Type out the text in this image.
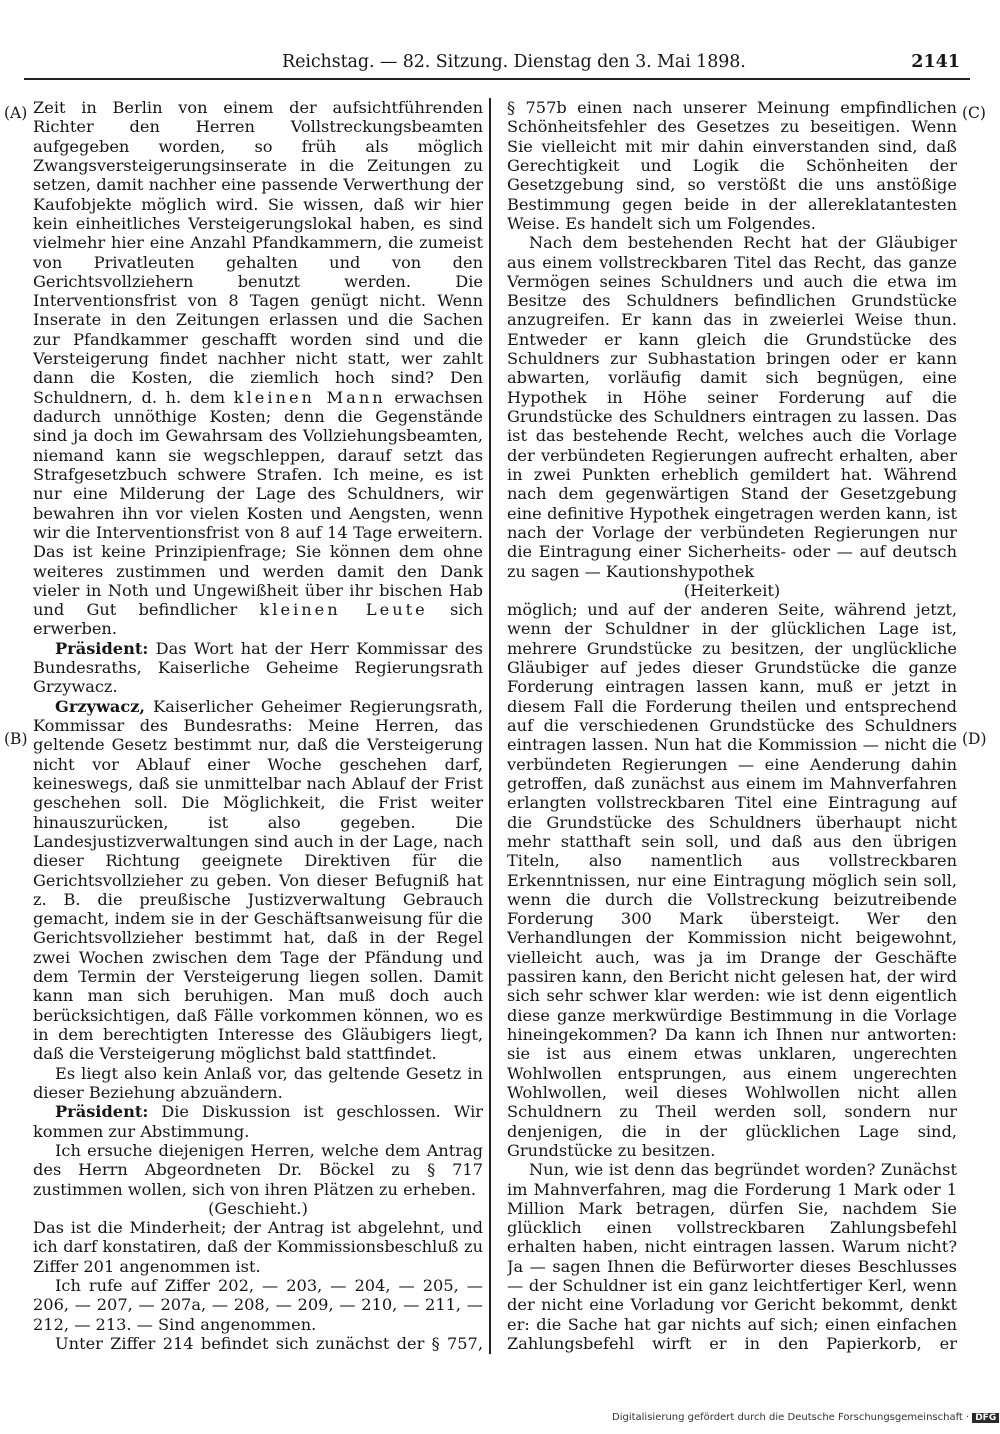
Reichstag. — 82. Sitzung. Dienstag den 3. Mai 1898.	2141
(A)
(B)
(C)
(D)

Zeit in Berlin von einem der aufsichtführenden Richter den Herren Vollstreckungsbeamten aufgegeben worden, so früh als möglich Zwangsversteigerungsinserate in die Zeitungen zu setzen, damit nachher eine passende Verwerthung der Kaufobjekte möglich wird. Sie wissen, daß wir hier kein einheitliches Versteigerungslokal haben, es sind vielmehr hier eine Anzahl Pfandkammern, die zumeist von Privatleuten gehalten und von den Gerichtsvollziehern benutzt werden. Die Interventionsfrist von 8 Tagen genügt nicht. Wenn Inserate in den Zeitungen erlassen und die Sachen zur Pfandkammer geschafft worden sind und die Versteigerung findet nachher nicht statt, wer zahlt dann die Kosten, die ziemlich hoch sind? Den Schuldnern, d. h. dem kleinen Mann erwachsen dadurch unnöthige Kosten; denn die Gegenstände sind ja doch im Gewahrsam des Vollziehungsbeamten, niemand kann sie wegschleppen, darauf setzt das Strafgesetzbuch schwere Strafen. Ich meine, es ist nur eine Milderung der Lage des Schuldners, wir bewahren ihn vor vielen Kosten und Aengsten, wenn wir die Interventionsfrist von 8 auf 14 Tage erweitern. Das ist keine Prinzipienfrage; Sie können dem ohne weiteres zustimmen und werden damit den Dank vieler in Noth und Ungewißheit über ihr bischen Hab und Gut befindlicher kleinen Leute sich erwerben.

Präsident: Das Wort hat der Herr Kommissar des Bundesraths, Kaiserliche Geheime Regierungsrath Grzywacz.

Grzywacz, Kaiserlicher Geheimer Regierungsrath, Kommissar des Bundesraths: Meine Herren, das geltende Gesetz bestimmt nur, daß die Versteigerung nicht vor Ablauf einer Woche geschehen darf, keineswegs, daß sie unmittelbar nach Ablauf der Frist geschehen soll. Die Möglichkeit, die Frist weiter hinauszurücken, ist also gegeben. Die Landesjustizverwaltungen sind auch in der Lage, nach dieser Richtung geeignete Direktiven für die Gerichtsvollzieher zu geben. Von dieser Befugniß hat z. B. die preußische Justizverwaltung Gebrauch gemacht, indem sie in der Geschäftsanweisung für die Gerichtsvollzieher bestimmt hat, daß in der Regel zwei Wochen zwischen dem Tage der Pfändung und dem Termin der Versteigerung liegen sollen. Damit kann man sich beruhigen. Man muß doch auch berücksichtigen, daß Fälle vorkommen können, wo es in dem berechtigten Interesse des Gläubigers liegt, daß die Versteigerung möglichst bald stattfindet.

Es liegt also kein Anlaß vor, das geltende Gesetz in dieser Beziehung abzuändern.

Präsident: Die Diskussion ist geschlossen. Wir kommen zur Abstimmung.

Ich ersuche diejenigen Herren, welche dem Antrag des Herrn Abgeordneten Dr. Böckel zu § 717 zustimmen wollen, sich von ihren Plätzen zu erheben.

(Geschieht.)

Das ist die Minderheit; der Antrag ist abgelehnt, und ich darf konstatiren, daß der Kommissionsbeschluß zu Ziffer 201 angenommen ist.

Ich rufe auf Ziffer 202, — 203, — 204, — 205, — 206, — 207, — 207a, — 208, — 209, — 210, — 211, — 212, — 213. — Sind angenommen.

Unter Ziffer 214 befindet sich zunächst der § 757,

§ 757b einen nach unserer Meinung empfindlichen Schönheitsfehler des Gesetzes zu beseitigen. Wenn Sie vielleicht mit mir dahin einverstanden sind, daß Gerechtigkeit und Logik die Schönheiten der Gesetzgebung sind, so verstößt die uns anstößige Bestimmung gegen beide in der allereklatantesten Weise. Es handelt sich um Folgendes.

Nach dem bestehenden Recht hat der Gläubiger aus einem vollstreckbaren Titel das Recht, das ganze Vermögen seines Schuldners und auch die etwa im Besitze des Schuldners befindlichen Grundstücke anzugreifen. Er kann das in zweierlei Weise thun. Entweder er kann gleich die Grundstücke des Schuldners zur Subhastation bringen oder er kann abwarten, vorläufig damit sich begnügen, eine Hypothek in Höhe seiner Forderung auf die Grundstücke des Schuldners eintragen zu lassen. Das ist das bestehende Recht, welches auch die Vorlage der verbündeten Regierungen aufrecht erhalten, aber in zwei Punkten erheblich gemildert hat. Während nach dem gegenwärtigen Stand der Gesetzgebung eine definitive Hypothek eingetragen werden kann, ist nach der Vorlage der verbündeten Regierungen nur die Eintragung einer Sicherheits- oder — auf deutsch zu sagen — Kautionshypothek

(Heiterkeit)

möglich; und auf der anderen Seite, während jetzt, wenn der Schuldner in der glücklichen Lage ist, mehrere Grundstücke zu besitzen, der unglückliche Gläubiger auf jedes dieser Grundstücke die ganze Forderung eintragen lassen kann, muß er jetzt in diesem Fall die Forderung theilen und entsprechend auf die verschiedenen Grundstücke des Schuldners eintragen lassen. Nun hat die Kommission — nicht die verbündeten Regierungen — eine Aenderung dahin getroffen, daß zunächst aus einem im Mahnverfahren erlangten vollstreckbaren Titel eine Eintragung auf die Grundstücke des Schuldners überhaupt nicht mehr statthaft sein soll, und daß aus den übrigen Titeln, also namentlich aus vollstreckbaren Erkenntnissen, nur eine Eintragung möglich sein soll, wenn die durch die Vollstreckung beizutreibende Forderung 300 Mark übersteigt. Wer den Verhandlungen der Kommission nicht beigewohnt, vielleicht auch, was ja im Drange der Geschäfte passiren kann, den Bericht nicht gelesen hat, der wird sich sehr schwer klar werden: wie ist denn eigentlich diese ganze merkwürdige Bestimmung in die Vorlage hineingekommen? Da kann ich Ihnen nur antworten: sie ist aus einem etwas unklaren, ungerechten Wohlwollen entsprungen, aus einem ungerechten Wohlwollen, weil dieses Wohlwollen nicht allen Schuldnern zu Theil werden soll, sondern nur denjenigen, die in der glücklichen Lage sind, Grundstücke zu besitzen.

Nun, wie ist denn das begründet worden? Zunächst im Mahnverfahren, mag die Forderung 1 Mark oder 1 Million Mark betragen, dürfen Sie, nachdem Sie glücklich einen vollstreckbaren Zahlungsbefehl erhalten haben, nicht eintragen lassen. Warum nicht? Ja — sagen Ihnen die Befürworter dieses Beschlusses — der Schuldner ist ein ganz leichtfertiger Kerl, wenn der nicht eine Vorladung vor Gericht bekommt, denkt er: die Sache hat gar nichts auf sich; einen einfachen Zahlungsbefehl wirft er in den Papierkorb, er

Digitalisierung gefördert durch die Deutsche Forschungsgemeinschaft · DFG
